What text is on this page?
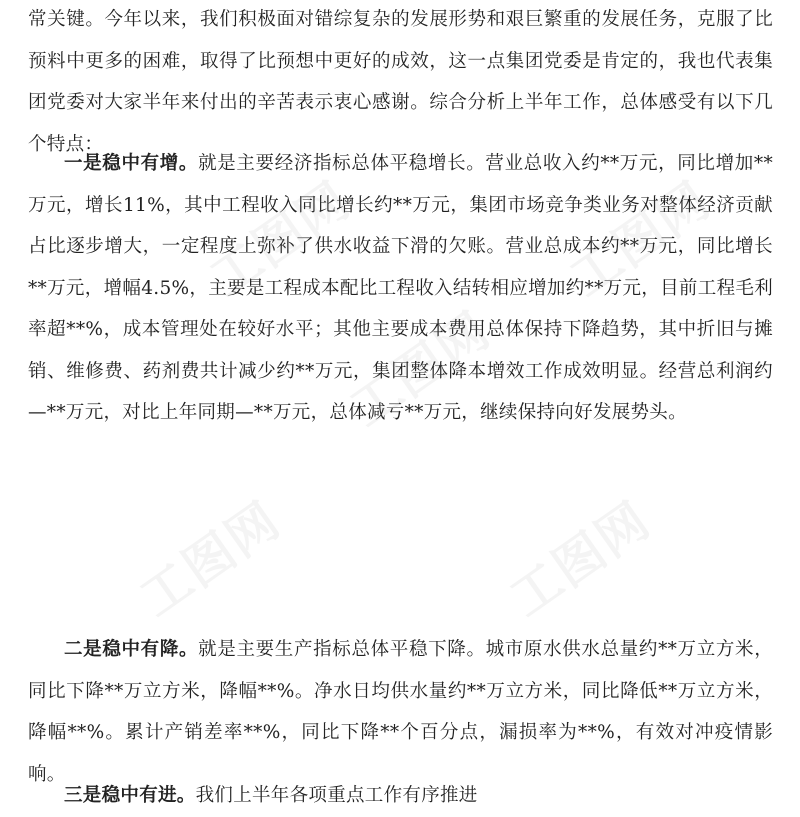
常关键。今年以来，我们积极面对错综复杂的发展形势和艰巨繁重的发展任务，克服了比预料中更多的困难，取得了比预想中更好的成效，这一点集团党委是肯定的，我也代表集团党委对大家半年来付出的辛苦表示衷心感谢。综合分析上半年工作，总体感受有以下几个特点：

一是稳中有增。就是主要经济指标总体平稳增长。营业总收入约**万元，同比增加**万元，增长11%，其中工程收入同比增长约**万元，集团市场竞争类业务对整体经济贡献占比逐步增大，一定程度上弥补了供水收益下滑的欠账。营业总成本约**万元，同比增长**万元，增幅4.5%，主要是工程成本配比工程收入结转相应增加约**万元，目前工程毛利率超**%，成本管理处在较好水平；其他主要成本费用总体保持下降趋势，其中折旧与摊销、维修费、药剂费共计减少约**万元，集团整体降本增效工作成效明显。经营总利润约—**万元，对比上年同期—**万元，总体减亏**万元，继续保持向好发展势头。

二是稳中有降。就是主要生产指标总体平稳下降。城市原水供水总量约**万立方米，同比下降**万立方米，降幅**%。净水日均供水量约**万立方米，同比降低**万立方米，降幅**%。累计产销差率**%，同比下降**个百分点，漏损率为**%，有效对冲疫情影响。

三是稳中有进。我们上半年各项重点工作有序推进

工图网
工图网
工图网	工图网
工图网
